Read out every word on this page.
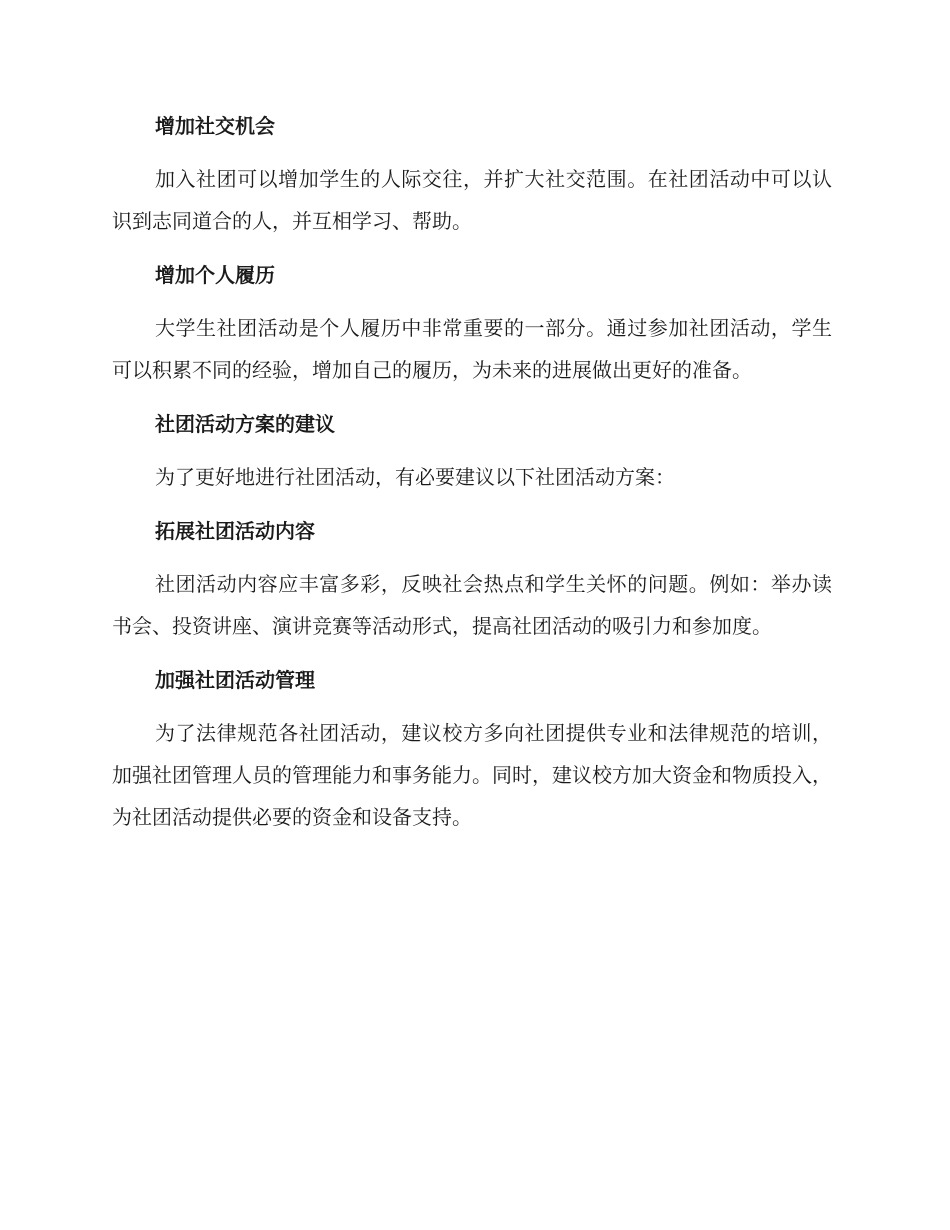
增加社交机会

加入社团可以增加学生的人际交往，并扩大社交范围。在社团活动中可以认识到志同道合的人，并互相学习、帮助。

增加个人履历

大学生社团活动是个人履历中非常重要的一部分。通过参加社团活动，学生可以积累不同的经验，增加自己的履历，为未来的进展做出更好的准备。

社团活动方案的建议

为了更好地进行社团活动，有必要建议以下社团活动方案：

拓展社团活动内容

社团活动内容应丰富多彩，反映社会热点和学生关怀的问题。例如：举办读书会、投资讲座、演讲竞赛等活动形式，提高社团活动的吸引力和参加度。

加强社团活动管理

为了法律规范各社团活动，建议校方多向社团提供专业和法律规范的培训，加强社团管理人员的管理能力和事务能力。同时，建议校方加大资金和物质投入，为社团活动提供必要的资金和设备支持。
